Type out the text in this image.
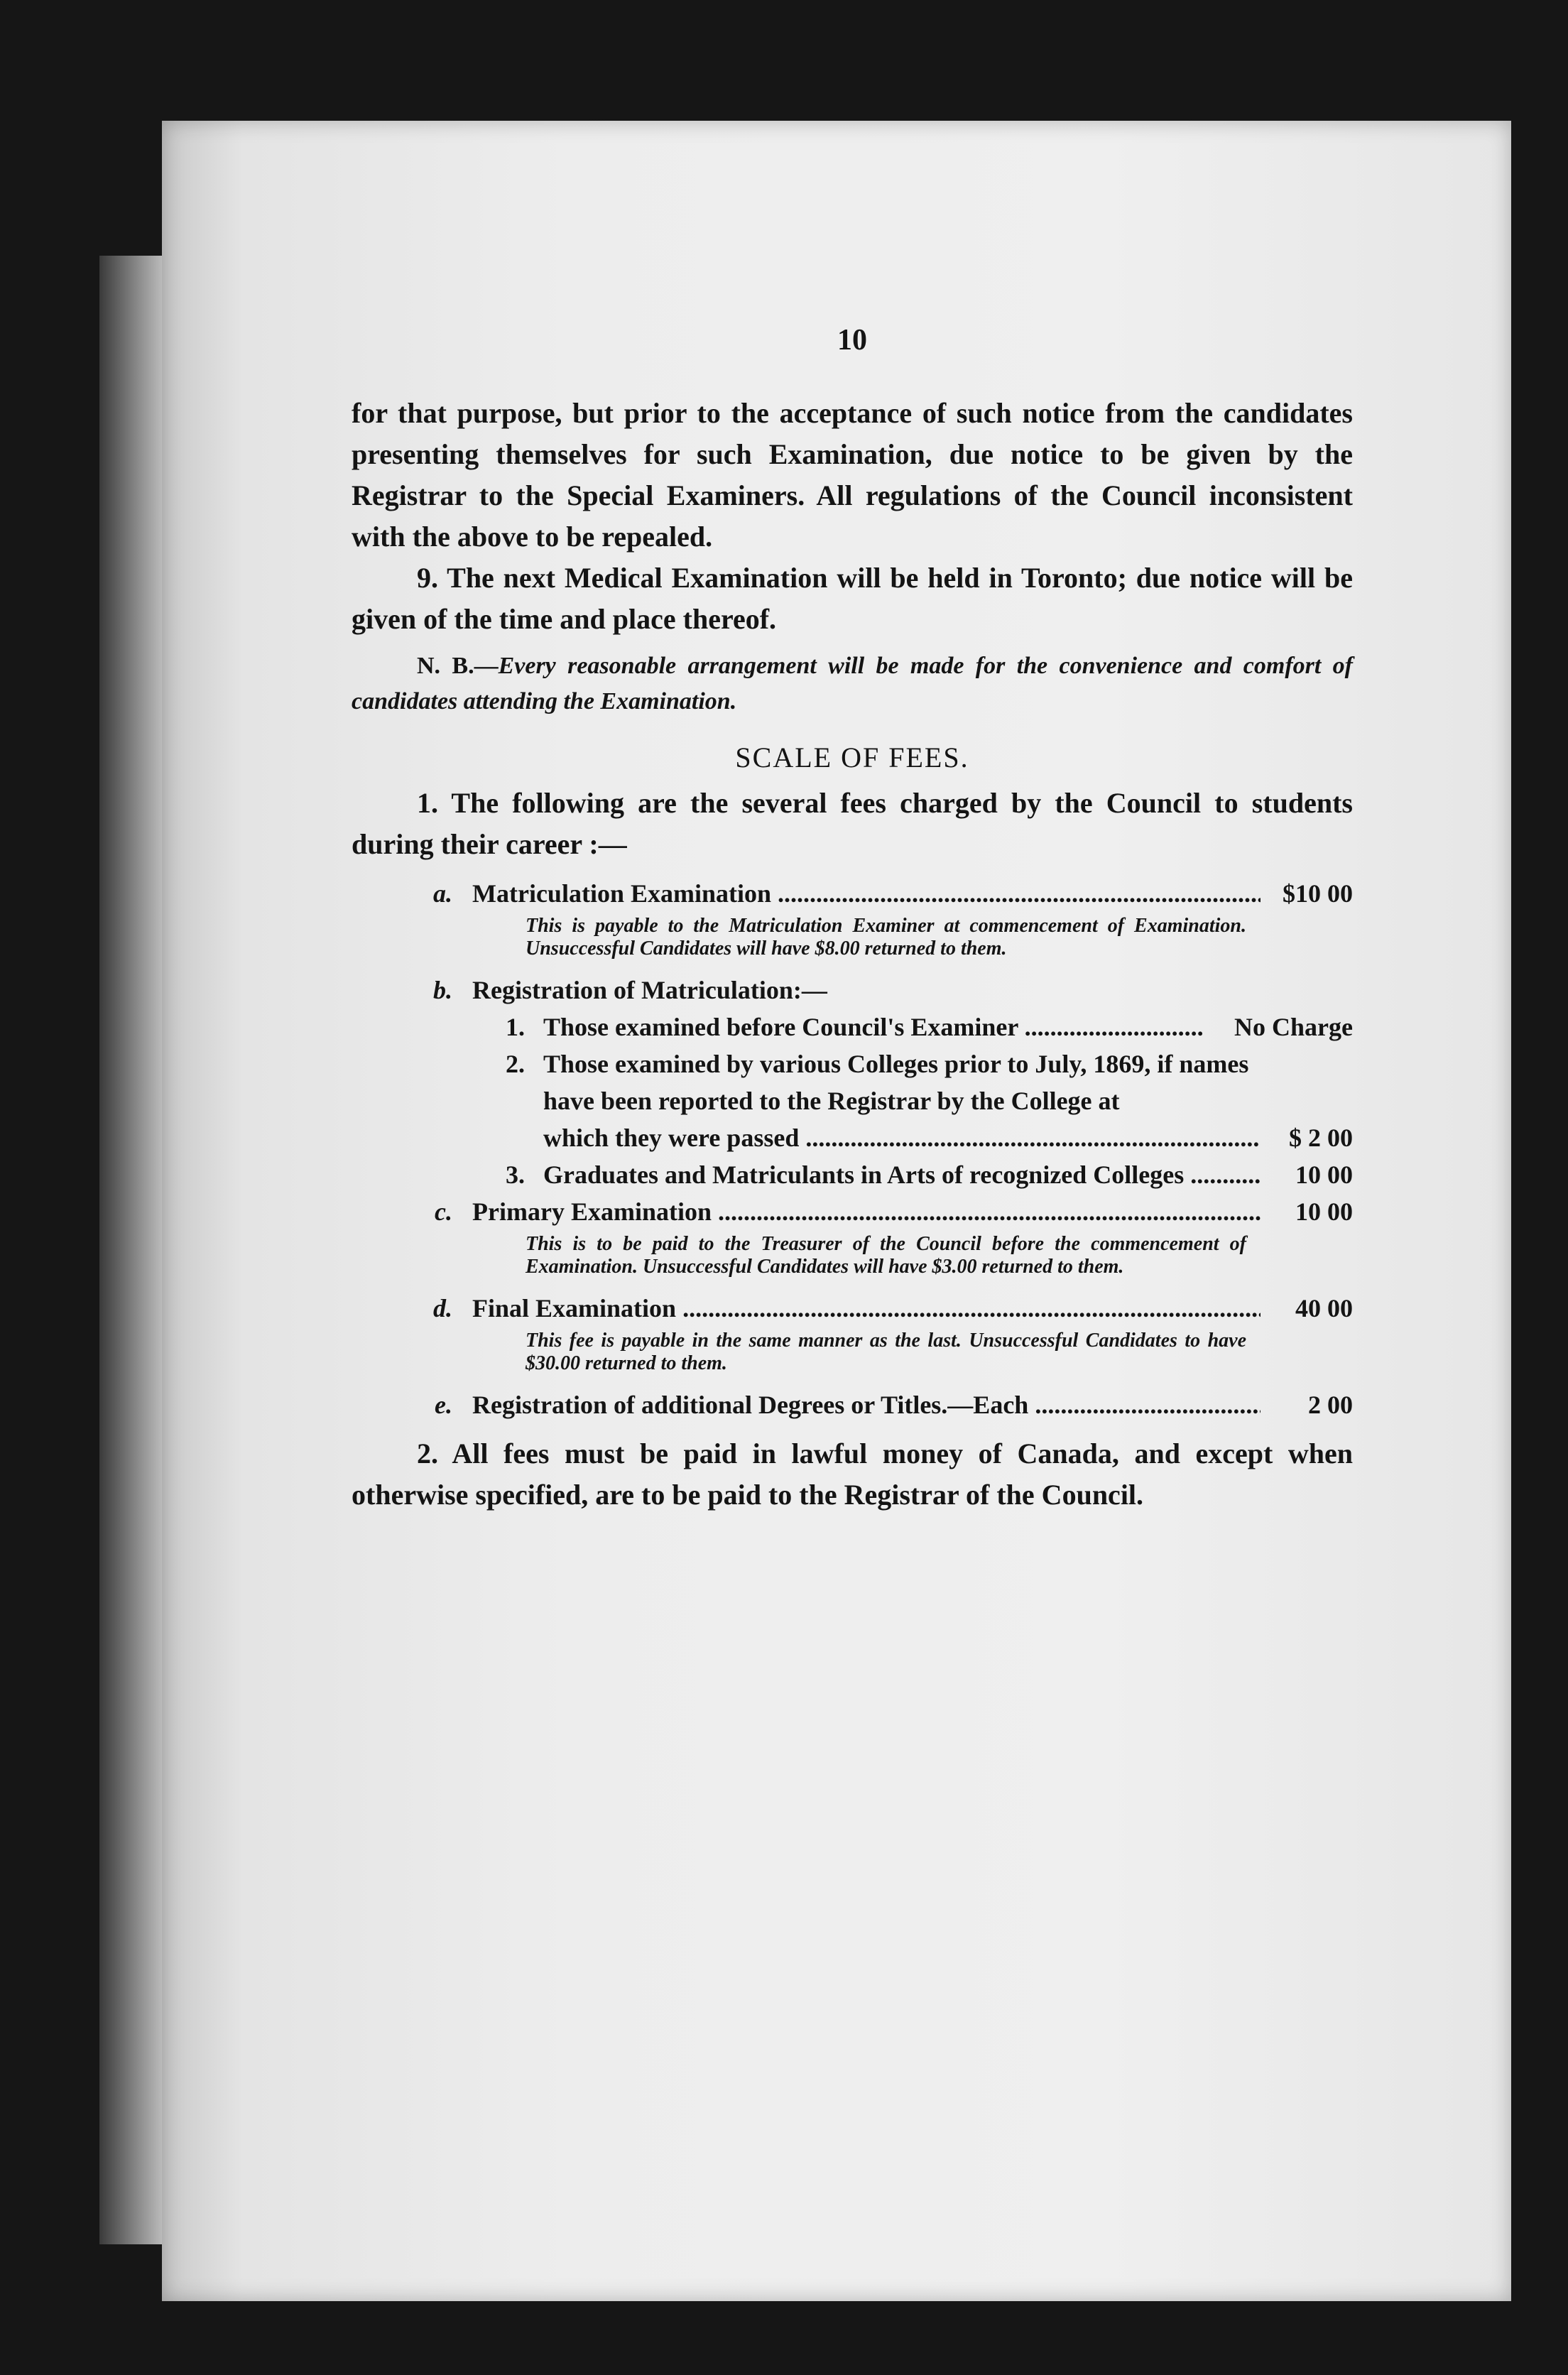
10

for that purpose, but prior to the acceptance of such notice from the candidates presenting themselves for such Examination, due notice to be given by the Registrar to the Special Examiners. All regulations of the Council inconsistent with the above to be repealed.

9. The next Medical Examination will be held in Toronto; due notice will be given of the time and place thereof.

N. B.—Every reasonable arrangement will be made for the convenience and comfort of candidates attending the Examination.

SCALE OF FEES.

1. The following are the several fees charged by the Council to students during their career :—

a. Matriculation Examination .....	$10 00
This is payable to the Matriculation Examiner at commencement of Examination. Unsuccessful Candidates will have $8.00 returned to them.
b. Registration of Matriculation:—
1. Those examined before Council's Examiner .....	No Charge
2. Those examined by various Colleges prior to July, 1869, if names have been reported to the Registrar by the College at
which they were passed .....	$ 2 00
3. Graduates and Matriculants in Arts of recognized Colleges .....	10 00
c. Primary Examination .....	10 00
This is to be paid to the Treasurer of the Council before the commencement of Examination. Unsuccessful Candidates will have $3.00 returned to them.
d. Final Examination .....	40 00
This fee is payable in the same manner as the last. Unsuccessful Candidates to have $30.00 returned to them.
e. Registration of additional Degrees or Titles.—Each .....	2 00

2. All fees must be paid in lawful money of Canada, and except when otherwise specified, are to be paid to the Registrar of the Council.
